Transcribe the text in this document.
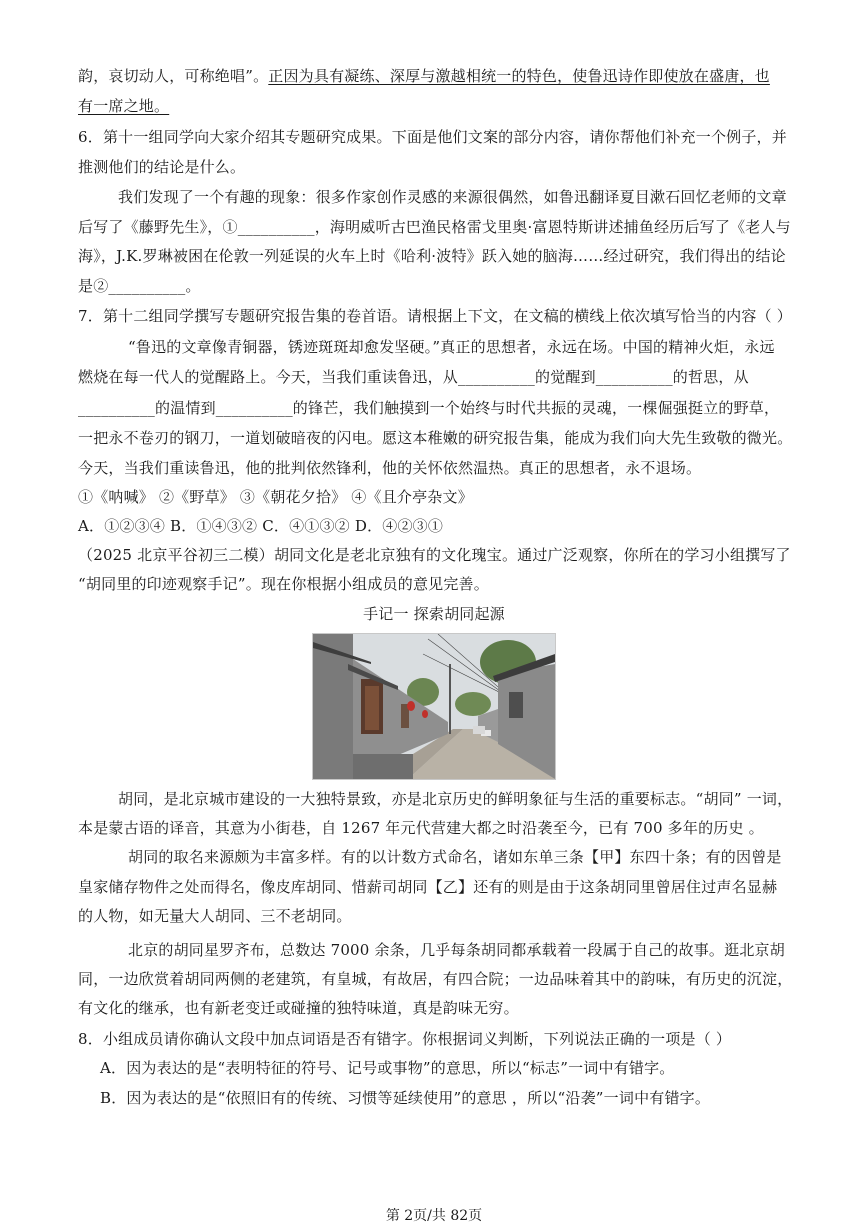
韵，哀切动人，可称绝唱”。正因为具有凝练、深厚与激越相统一的特色，使鲁迅诗作即使放在盛唐，也
有一席之地。
6．第十一组同学向大家介绍其专题研究成果。下面是他们文案的部分内容，请你帮他们补充一个例子，并
推测他们的结论是什么。
我们发现了一个有趣的现象：很多作家创作灵感的来源很偶然，如鲁迅翻译夏目漱石回忆老师的文章
后写了《藤野先生》，①__________，海明威听古巴渔民格雷戈里奥·富恩特斯讲述捕鱼经历后写了《老人与
海》，J.K.罗琳被困在伦敦一列延误的火车上时《哈利·波特》跃入她的脑海……经过研究，我们得出的结论
是②__________。
7．第十二组同学撰写专题研究报告集的卷首语。请根据上下文，在文稿的横线上依次填写恰当的内容（ ）
“鲁迅的文章像青铜器，锈迹斑斑却愈发坚硬。”真正的思想者，永远在场。中国的精神火炬，永远
燃烧在每一代人的觉醒路上。今天，当我们重读鲁迅，从__________的觉醒到__________的哲思，从
__________的温情到__________的锋芒，我们触摸到一个始终与时代共振的灵魂，一棵倔强挺立的野草，
一把永不卷刃的钢刀，一道划破暗夜的闪电。愿这本稚嫩的研究报告集，能成为我们向大先生致敬的微光。
今天，当我们重读鲁迅，他的批判依然锋利，他的关怀依然温热。真正的思想者，永不退场。
①《呐喊》 ②《野草》 ③《朝花夕拾》 ④《且介亭杂文》
A．①②③④ B．①④③② C．④①③② D．④②③①
（2025 北京平谷初三二模）胡同文化是老北京独有的文化瑰宝。通过广泛观察，你所在的学习小组撰写了
“胡同里的印迹观察手记”。现在你根据小组成员的意见完善。
手记一 探索胡同起源
胡同，是北京城市建设的一大独特景致，亦是北京历史的鲜明象征与生活的重要标志。“胡同” 一词，
本是蒙古语的译音，其意为小街巷，自 1267 年元代营建大都之时沿袭至今，已有 700 多年的历史 。
胡同的取名来源颇为丰富多样。有的以计数方式命名，诸如东单三条【甲】东四十条；有的因曾是
皇家储存物件之处而得名，像皮库胡同、惜薪司胡同【乙】还有的则是由于这条胡同里曾居住过声名显赫
的人物，如无量大人胡同、三不老胡同。
北京的胡同星罗齐布，总数达 7000 余条，几乎每条胡同都承载着一段属于自己的故事。逛北京胡
同，一边欣赏着胡同两侧的老建筑，有皇城，有故居，有四合院；一边品味着其中的韵味，有历史的沉淀，
有文化的继承，也有新老变迁或碰撞的独特味道，真是韵味无穷。
8．小组成员请你确认文段中加点词语是否有错字。你根据词义判断，下列说法正确的一项是（ ）
A．因为表达的是“表明特征的符号、记号或事物”的意思，所以“标志”一词中有错字。
B．因为表达的是“依照旧有的传统、习惯等延续使用”的意思 ，所以“沿袭”一词中有错字。
第 2页/共 82页
